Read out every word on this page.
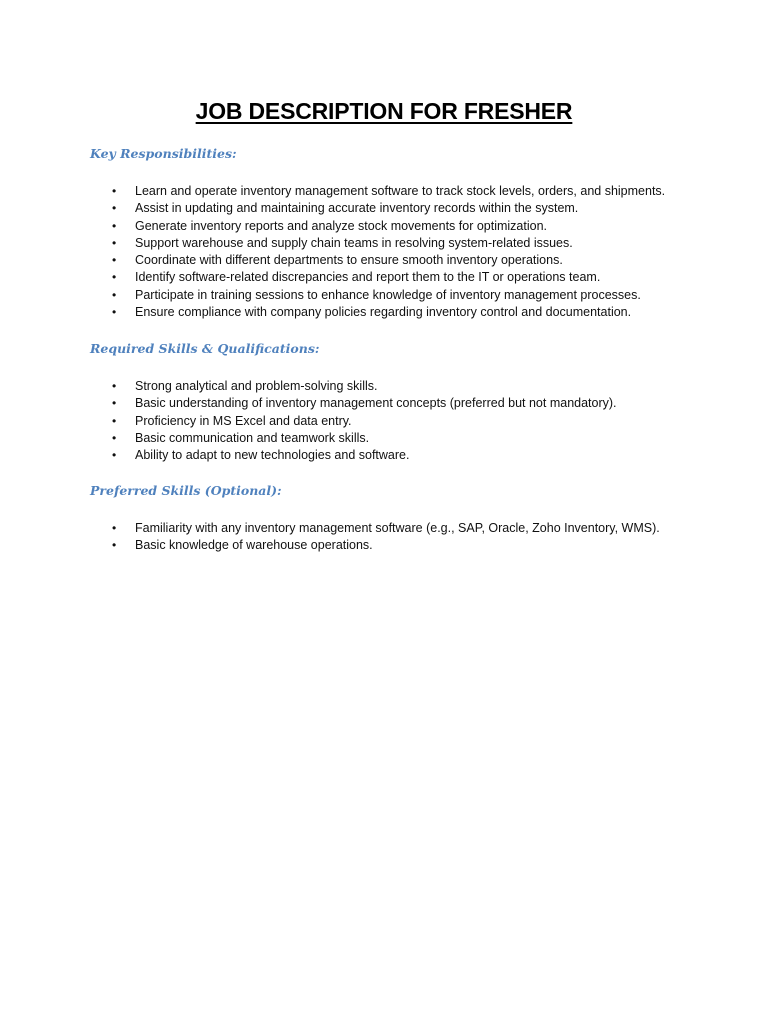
JOB DESCRIPTION FOR FRESHER

Key Responsibilities:

• Learn and operate inventory management software to track stock levels, orders, and shipments.
• Assist in updating and maintaining accurate inventory records within the system.
• Generate inventory reports and analyze stock movements for optimization.
• Support warehouse and supply chain teams in resolving system-related issues.
• Coordinate with different departments to ensure smooth inventory operations.
• Identify software-related discrepancies and report them to the IT or operations team.
• Participate in training sessions to enhance knowledge of inventory management processes.
• Ensure compliance with company policies regarding inventory control and documentation.

Required Skills & Qualifications:

• Strong analytical and problem-solving skills.
• Basic understanding of inventory management concepts (preferred but not mandatory).
• Proficiency in MS Excel and data entry.
• Basic communication and teamwork skills.
• Ability to adapt to new technologies and software.

Preferred Skills (Optional):

• Familiarity with any inventory management software (e.g., SAP, Oracle, Zoho Inventory, WMS).
• Basic knowledge of warehouse operations.
